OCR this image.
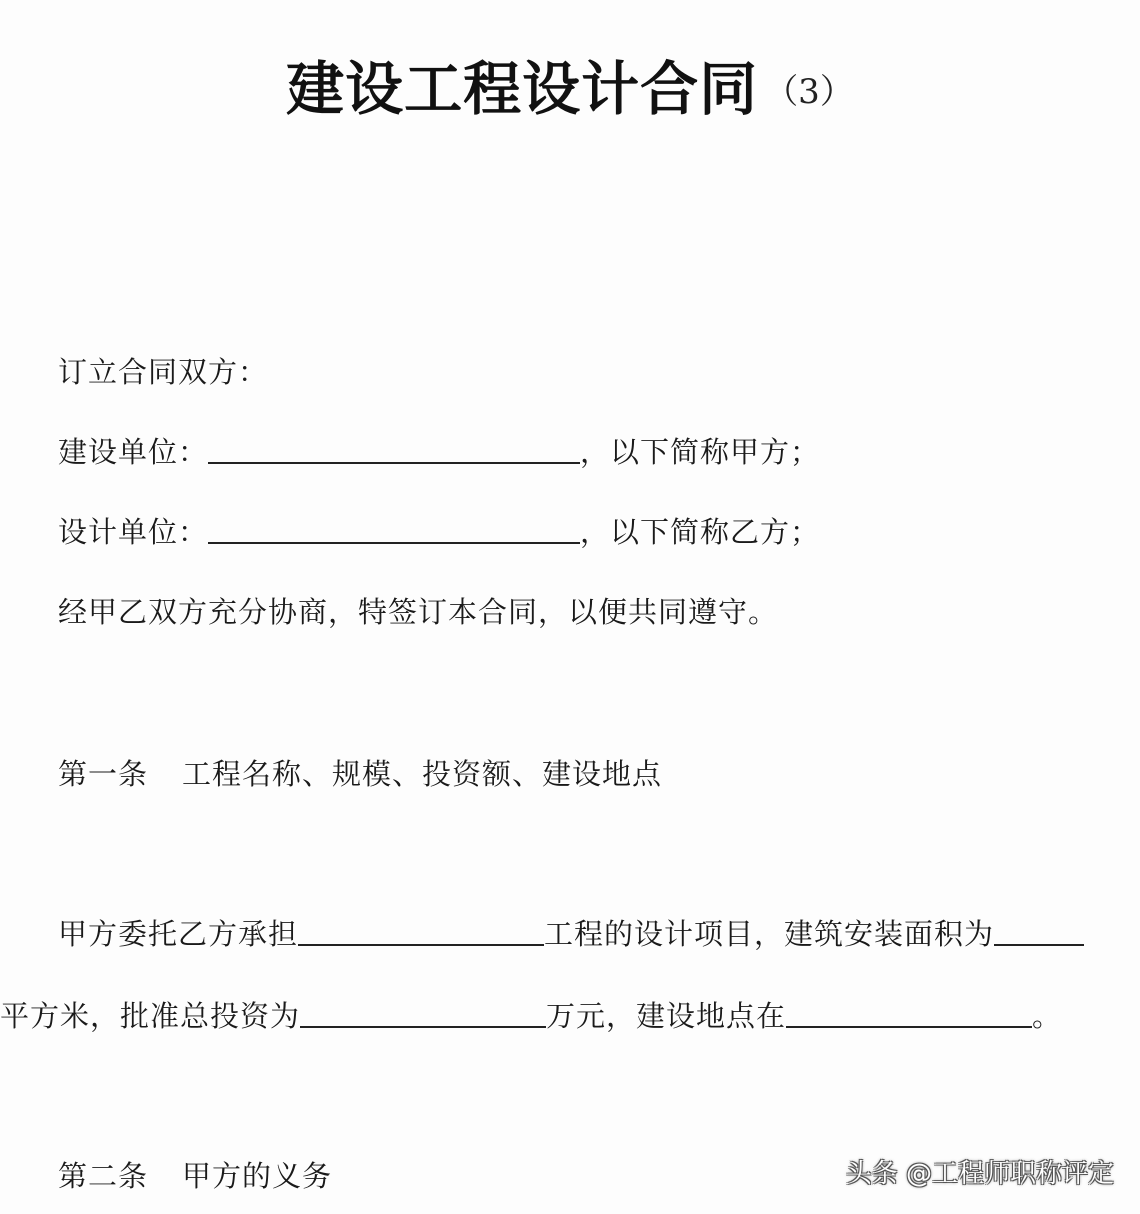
建设工程设计合同 （3）
订立合同双方：
建设单位：	，以下简称甲方；
设计单位：	，以下简称乙方；
经甲乙双方充分协商，特签订本合同，以便共同遵守。
第一条 工程名称、规模、投资额、建设地点
甲方委托乙方承担	工程的设计项目，建筑安装面积为
平方米，批准总投资为	万元，建设地点在	。
第二条 甲方的义务	头条 @工程师职称评定
